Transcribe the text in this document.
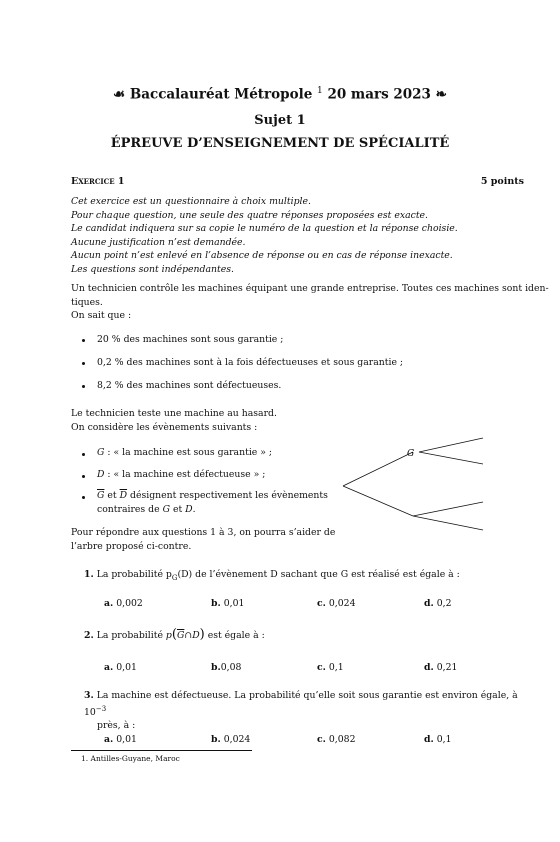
☙ Baccalauréat Métropole $^1$ 20 mars 2023 ❧
Sujet 1
ÉPREUVE D’ENSEIGNEMENT DE SPÉCIALITÉ
Exercice 1	5 points
Cet exercice est un questionnaire à choix multiple.
Pour chaque question, une seule des quatre réponses proposées est exacte.
Le candidat indiquera sur sa copie le numéro de la question et la réponse choisie.
Aucune justification n’est demandée.
Aucun point n’est enlevé en l’absence de réponse ou en cas de réponse inexacte.
Les questions sont indépendantes.
Un technicien contrôle les machines équipant une grande entreprise. Toutes ces machines sont iden-
tiques.
On sait que :
20 % des machines sont sous garantie ;
0,2 % des machines sont à la fois défectueuses et sous garantie ;
8,2 % des machines sont défectueuses.
Le technicien teste une machine au hasard.
On considère les évènements suivants :
G : « la machine est sous garantie » ;
D : « la machine est défectueuse » ;
$\overline{G}$ et $\overline{D}$ désignent respectivement les évènements
contraires de G et D.
G
Pour répondre aux questions 1 à 3, on pourra s’aider de
l’arbre proposé ci-contre.
1. La probabilité $p_G(D)$ de l’évènement D sachant que G est réalisé est égale à :
a. 0,002	b. 0,01	c. 0,024	d. 0,2
2. La probabilité $p(\overline{G}\cap D)$ est égale à :
a. 0,01	b.0,08	c. 0,1	d. 0,21
3. La machine est défectueuse. La probabilité qu’elle soit sous garantie est environ égale, à $10^{-3}$
près, à :
a. 0,01	b. 0,024	c. 0,082	d. 0,1
1. Antilles-Guyane, Maroc
